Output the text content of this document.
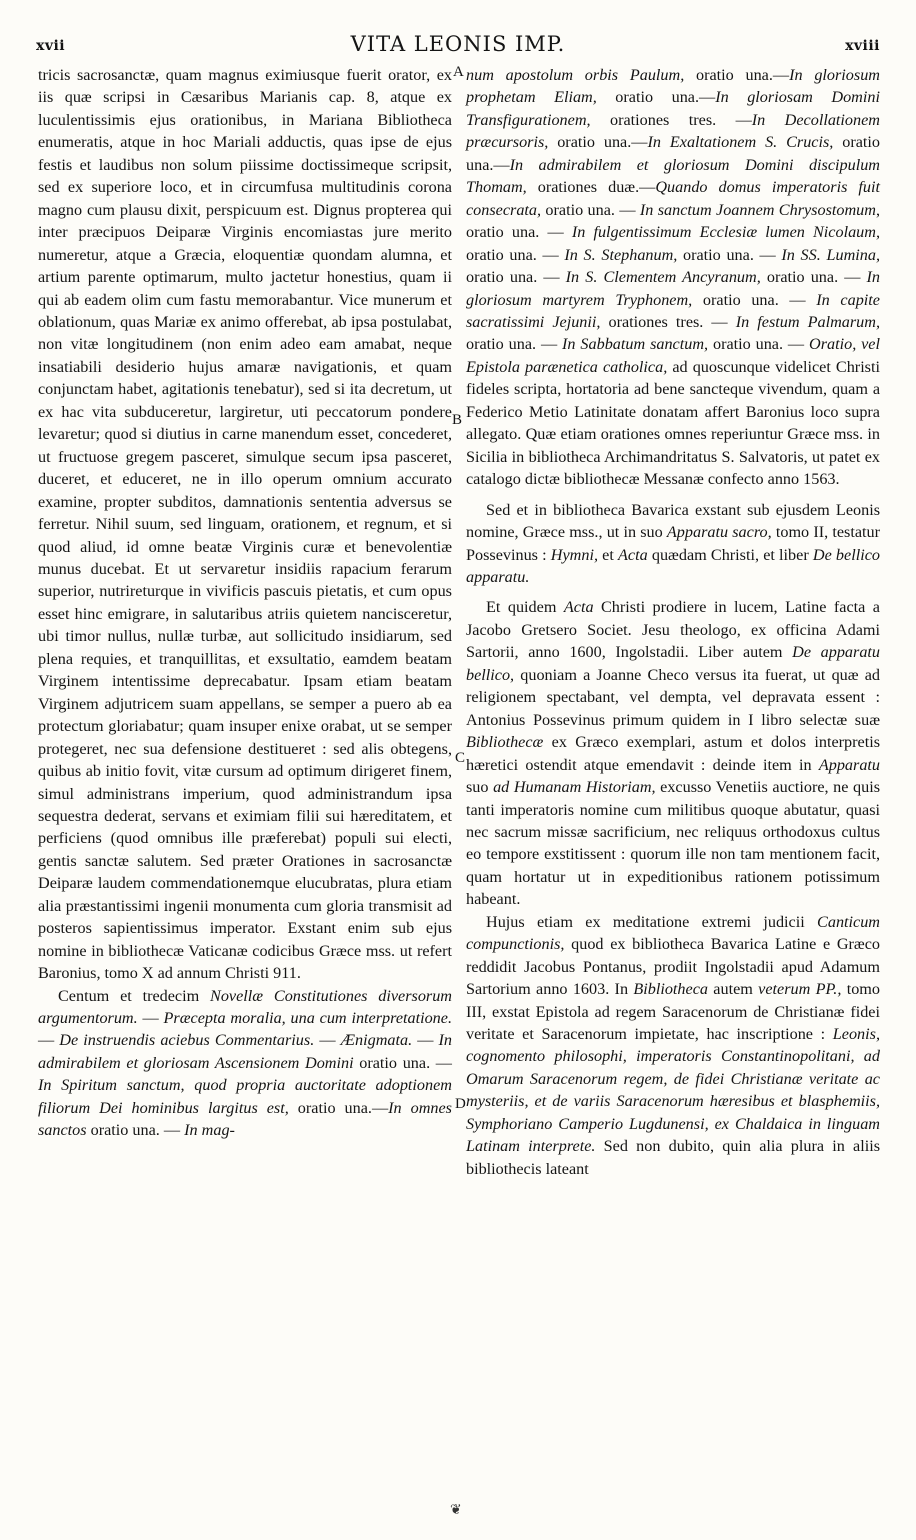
xvii	VITA LEONIS IMP.	xviii

tricis sacrosanctæ, quam magnus eximiusque fuerit orator, ex iis quæ scripsi in Cæsaribus Marianis cap. 8, atque ex luculentissimis ejus orationibus, in Mariana Bibliotheca enumeratis, atque in hoc Mariali adductis, quas ipse de ejus festis et laudibus non solum piissime doctissimeque scripsit, sed ex superiore loco, et in circumfusa multitudinis corona magno cum plausu dixit, perspicuum est. Dignus propterea qui inter præcipuos Deiparæ Virginis encomiastas jure merito numeretur, atque a Græcia, eloquentiæ quondam alumna, et artium parente optimarum, multo jactetur honestius, quam ii qui ab eadem olim cum fastu memorabantur. Vice munerum et oblationum, quas Mariæ ex animo offerebat, ab ipsa postulabat, non vitæ longitudinem (non enim adeo eam amabat, neque insatiabili desiderio hujus amaræ navigationis, et quam conjunctam habet, agitationis tenebatur), sed si ita decretum, ut ex hac vita subduceretur, largiretur, uti peccatorum pondere levaretur; quod si diutius in carne manendum esset, concederet, ut fructuose gregem pasceret, simulque secum ipsa pasceret, duceret, et educeret, ne in illo operum omnium accurato examine, propter subditos, damnationis sententia adversus se ferretur. Nihil suum, sed linguam, orationem, et regnum, et si quod aliud, id omne beatæ Virginis curæ et benevolentiæ munus ducebat. Et ut servaretur insidiis rapacium ferarum superior, nutrireturque in vivificis pascuis pietatis, et cum opus esset hinc emigrare, in salutaribus atriis quietem nancisceretur, ubi timor nullus, nullæ turbæ, aut sollicitudo insidiarum, sed plena requies, et tranquillitas, et exsultatio, eamdem beatam Virginem intentissime deprecabatur. Ipsam etiam beatam Virginem adjutricem suam appellans, se semper a puero ab ea protectum gloriabatur; quam insuper enixe orabat, ut se semper protegeret, nec sua defensione destitueret : sed alis obtegens, quibus ab initio fovit, vitæ cursum ad optimum dirigeret finem, simul administrans imperium, quod administrandum ipsa sequestra dederat, servans et eximiam filii sui hæreditatem, et perficiens (quod omnibus ille præferebat) populi sui electi, gentis sanctæ salutem. Sed præter Orationes in sacrosanctæ Deiparæ laudem commendationemque elucubratas, plura etiam alia præstantissimi ingenii monumenta cum gloria transmisit ad posteros sapientissimus imperator. Exstant enim sub ejus nomine in bibliothecæ Vaticanæ codicibus Græce mss. ut refert Baronius, tomo X ad annum Christi 911.

Centum et tredecim Novellæ Constitutiones diversorum argumentorum. — Præcepta moralia, una cum interpretatione. — De instruendis aciebus Commentarius. — Ænigmata. — In admirabilem et gloriosam Ascensionem Domini oratio una. — In Spiritum sanctum, quod propria auctoritate adoptionem filiorum Dei hominibus largitus est, oratio una.—In omnes sanctos oratio una. — In mag-

A
B
C
D

num apostolum orbis Paulum, oratio una.—In gloriosum prophetam Eliam, oratio una.—In gloriosam Domini Transfigurationem, orationes tres. —In Decollationem præcursoris, oratio una.—In Exaltationem S. Crucis, oratio una.—In admirabilem et gloriosum Domini discipulum Thomam, orationes duæ.—Quando domus imperatoris fuit consecrata, oratio una. — In sanctum Joannem Chrysostomum, oratio una. — In fulgentissimum Ecclesiæ lumen Nicolaum, oratio una. — In S. Stephanum, oratio una. — In SS. Lumina, oratio una. — In S. Clementem Ancyranum, oratio una. — In gloriosum martyrem Tryphonem, oratio una. — In capite sacratissimi Jejunii, orationes tres. — In festum Palmarum, oratio una. — In Sabbatum sanctum, oratio una. — Oratio, vel Epistola parænetica catholica, ad quoscunque videlicet Christi fideles scripta, hortatoria ad bene sancteque vivendum, quam a Federico Metio Latinitate donatam affert Baronius loco supra allegato. Quæ etiam orationes omnes reperiuntur Græce mss. in Sicilia in bibliotheca Archimandritatus S. Salvatoris, ut patet ex catalogo dictæ bibliothecæ Messanæ confecto anno 1563.

Sed et in bibliotheca Bavarica exstant sub ejusdem Leonis nomine, Græce mss., ut in suo Apparatu sacro, tomo II, testatur Possevinus : Hymni, et Acta quædam Christi, et liber De bellico apparatu.

Et quidem Acta Christi prodiere in lucem, Latine facta a Jacobo Gretsero Societ. Jesu theologo, ex officina Adami Sartorii, anno 1600, Ingolstadii. Liber autem De apparatu bellico, quoniam a Joanne Checo versus ita fuerat, ut quæ ad religionem spectabant, vel dempta, vel depravata essent : Antonius Possevinus primum quidem in I libro selectæ suæ Bibliothecæ ex Græco exemplari, astum et dolos interpretis hæretici ostendit atque emendavit : deinde item in Apparatu suo ad Humanam Historiam, excusso Venetiis auctiore, ne quis tanti imperatoris nomine cum militibus quoque abutatur, quasi nec sacrum missæ sacrificium, nec reliquus orthodoxus cultus eo tempore exstitissent : quorum ille non tam mentionem facit, quam hortatur ut in expeditionibus rationem potissimum habeant.

Hujus etiam ex meditatione extremi judicii Canticum compunctionis, quod ex bibliotheca Bavarica Latine e Græco reddidit Jacobus Pontanus, prodiit Ingolstadii apud Adamum Sartorium anno 1603. In Bibliotheca autem veterum PP., tomo III, exstat Epistola ad regem Saracenorum de Christianæ fidei veritate et Saracenorum impietate, hac inscriptione : Leonis, cognomento philosophi, imperatoris Constantinopolitani, ad Omarum Saracenorum regem, de fidei Christianæ veritate ac mysteriis, et de variis Saracenorum hæresibus et blasphemiis, Symphoriano Camperio Lugdunensi, ex Chaldaica in linguam Latinam interprete. Sed non dubito, quin alia plura in aliis bibliothecis lateant

❦
